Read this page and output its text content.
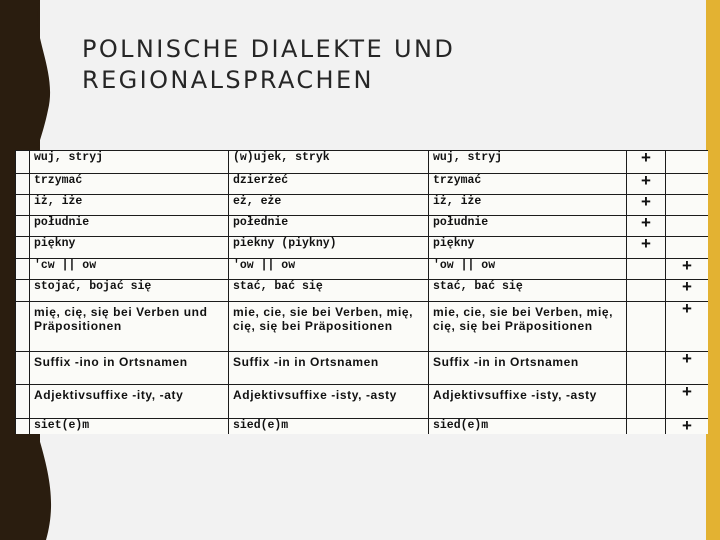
POLNISCHE DIALEKTE UND
REGIONALSPRACHEN
	wuj, stryj	(w)ujek, stryk	wuj, stryj	+	
	trzymać	dzierżeć	trzymać	+	
	iż, iże	eż, eże	iż, iże	+	
	południe	połednie	południe	+	
	piękny	piekny (piykny)	piękny	+	
	'cw || ow	'ow || ow	'ow || ow		+
	stojać, bojać się	stać, bać się	stać, bać się		+
	mię, cię, się bei Verben und Präpositionen	mie, cie, sie bei Verben, mię, cię, się bei Präpositionen	mie, cie, sie bei Verben, mię, cię, się bei Präpositionen		+
	Suffix -ino in Ortsnamen	Suffix -in in Ortsnamen	Suffix -in in Ortsnamen		+
	Adjektivsuffixe -ity, -aty	Adjektivsuffixe -isty, -asty	Adjektivsuffixe -isty, -asty		+
	siet(e)m	sied(e)m	sied(e)m		+
